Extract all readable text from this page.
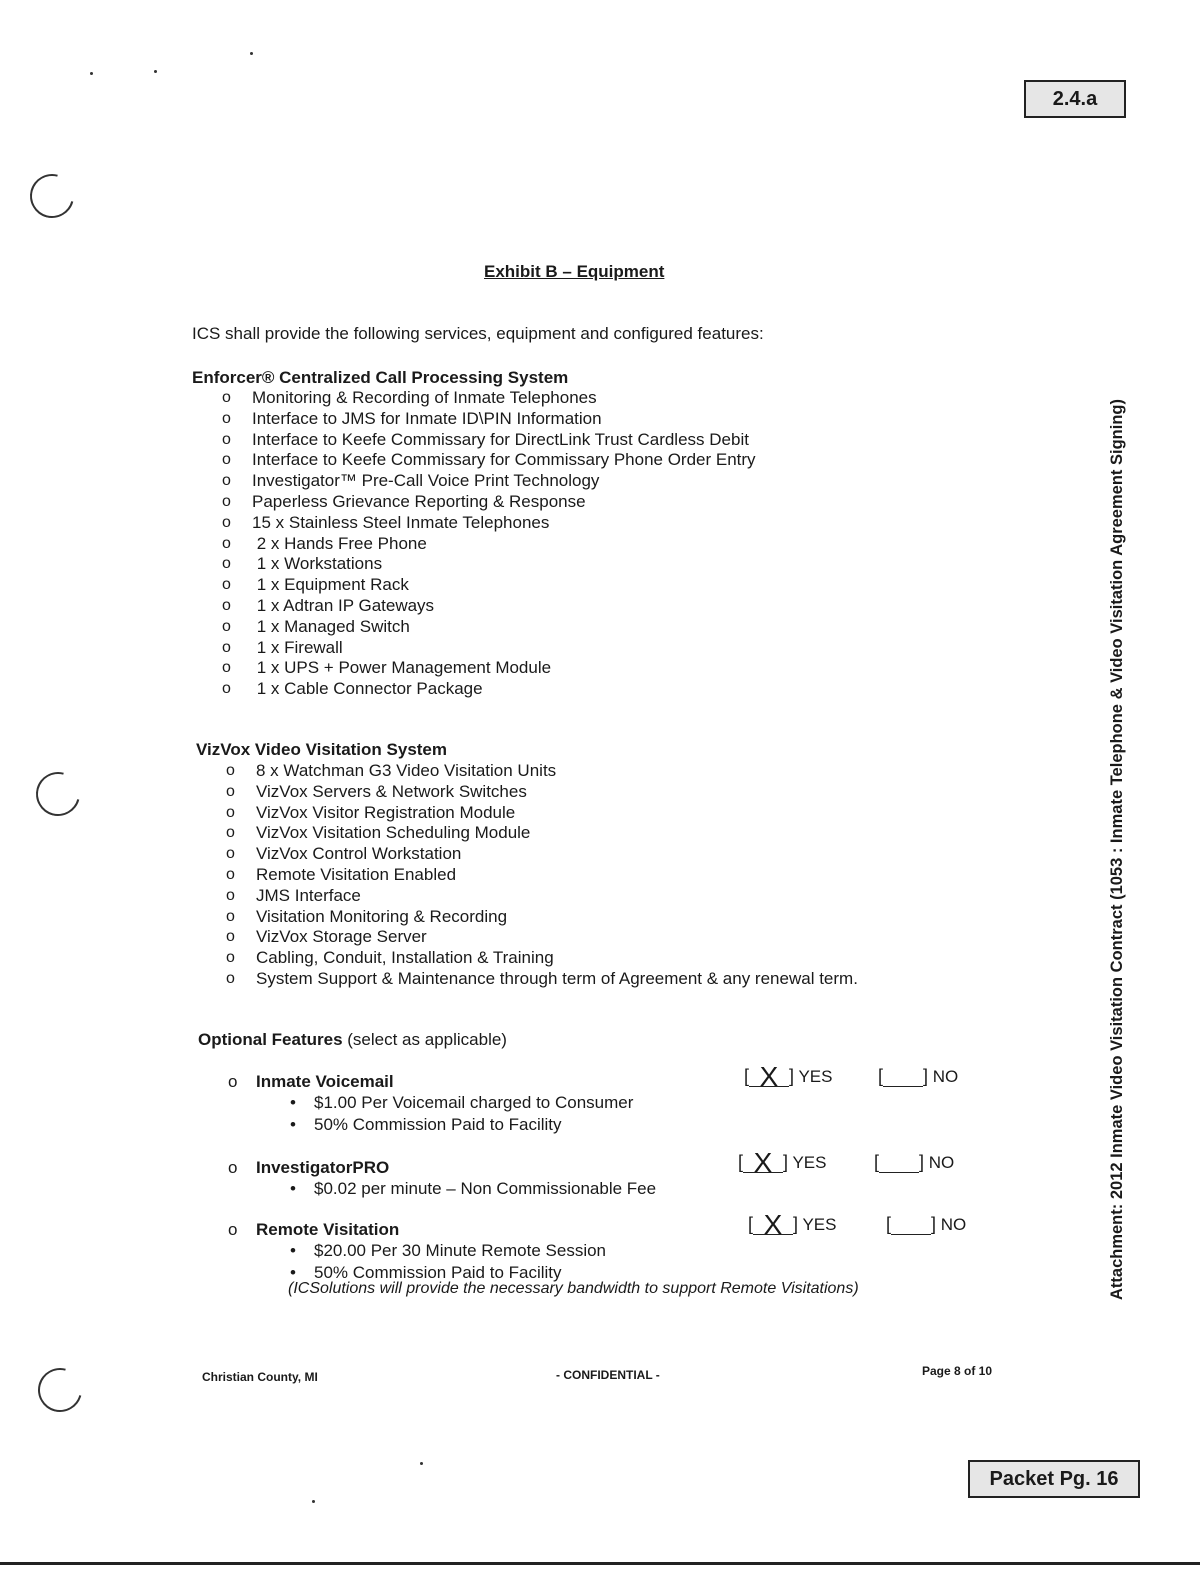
2.4.a
Packet Pg. 16
Exhibit B – Equipment
ICS shall provide the following services, equipment and configured features:
Enforcer® Centralized Call Processing System
o Monitoring & Recording of Inmate Telephones
o Interface to JMS for Inmate ID\PIN Information
o Interface to Keefe Commissary for DirectLink Trust Cardless Debit
o Interface to Keefe Commissary for Commissary Phone Order Entry
o Investigator™ Pre-Call Voice Print Technology
o Paperless Grievance Reporting & Response
o 15 x Stainless Steel Inmate Telephones
o 2 x Hands Free Phone
o 1 x Workstations
o 1 x Equipment Rack
o 1 x Adtran IP Gateways
o 1 x Managed Switch
o 1 x Firewall
o 1 x UPS + Power Management Module
o 1 x Cable Connector Package
VizVox Video Visitation System
o 8 x Watchman G3 Video Visitation Units
o VizVox Servers & Network Switches
o VizVox Visitor Registration Module
o VizVox Visitation Scheduling Module
o VizVox Control Workstation
o Remote Visitation Enabled
o JMS Interface
o Visitation Monitoring & Recording
o VizVox Storage Server
o Cabling, Conduit, Installation & Training
o System Support & Maintenance through term of Agreement & any renewal term.
Optional Features (select as applicable)
o Inmate Voicemail
• $1.00 Per Voicemail charged to Consumer
• 50% Commission Paid to Facility
[ X ] YES	[ ] NO
o InvestigatorPRO
• $0.02 per minute – Non Commissionable Fee
[ X ] YES	[ ] NO
o Remote Visitation
• $20.00 Per 30 Minute Remote Session
• 50% Commission Paid to Facility
[ X ] YES	[ ] NO
(ICSolutions will provide the necessary bandwidth to support Remote Visitations)
Christian County, MI	- CONFIDENTIAL -	Page 8 of 10
Attachment: 2012 Inmate Video Visitation Contract (1053 : Inmate Telephone & Video Visitation Agreement Signing)
